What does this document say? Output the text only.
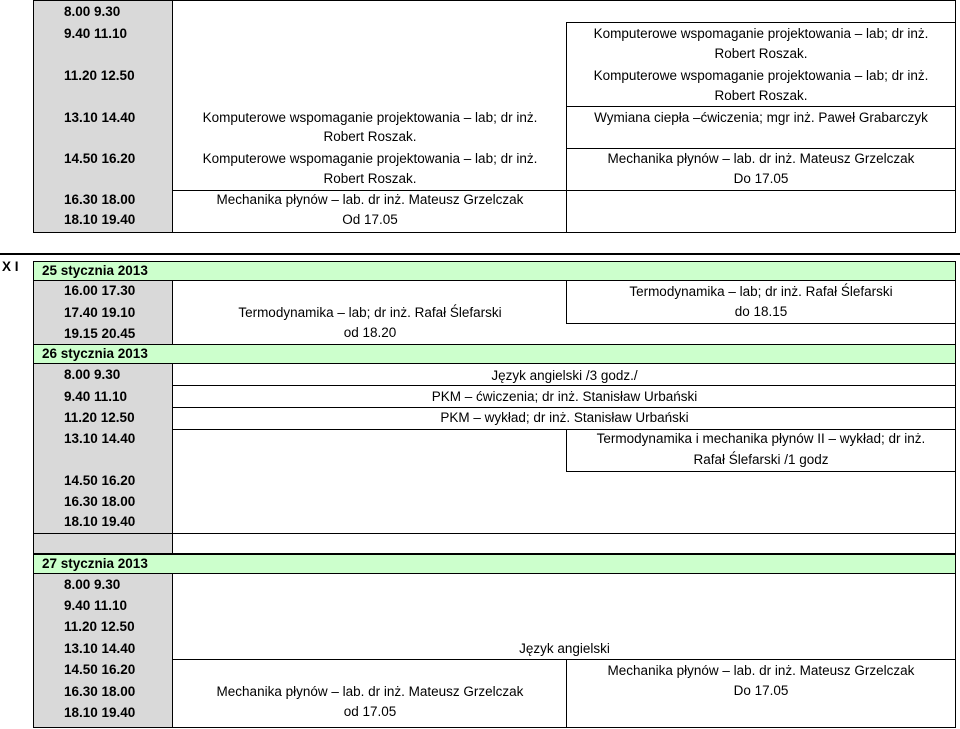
8.00 9.30
9.40 11.10
11.20 12.50
13.10 14.40
14.50 16.20
16.30 18.00
18.10 19.40
Komputerowe wspomaganie projektowania – lab; dr inż.
Robert Roszak.
Komputerowe wspomaganie projektowania – lab; dr inż.
Robert Roszak.
Komputerowe wspomaganie projektowania – lab; dr inż.
Robert Roszak.
Wymiana ciepła –ćwiczenia; mgr inż. Paweł Grabarczyk
Komputerowe wspomaganie projektowania – lab; dr inż.
Robert Roszak.
Mechanika płynów – lab. dr inż. Mateusz Grzelczak
Do 17.05
Mechanika płynów – lab. dr inż. Mateusz Grzelczak
Od 17.05
X I	25 stycznia 2013
16.00 17.30
17.40 19.10
19.15 20.45
Termodynamika – lab; dr inż. Rafał Ślefarski
do 18.15
Termodynamika – lab; dr inż. Rafał Ślefarski
od 18.20
26 stycznia 2013
8.00 9.30
9.40 11.10
11.20 12.50
13.10 14.40
14.50 16.20
16.30 18.00
18.10 19.40
Język angielski /3 godz./
PKM – ćwiczenia; dr inż. Stanisław Urbański
PKM – wykład; dr inż. Stanisław Urbański
Termodynamika i mechanika płynów II – wykład; dr inż.
Rafał Ślefarski /1 godz
27 stycznia 2013
8.00 9.30
9.40 11.10
11.20 12.50
13.10 14.40
14.50 16.20
16.30 18.00
18.10 19.40
Język angielski
Mechanika płynów – lab. dr inż. Mateusz Grzelczak
Do 17.05
Mechanika płynów – lab. dr inż. Mateusz Grzelczak
od 17.05
